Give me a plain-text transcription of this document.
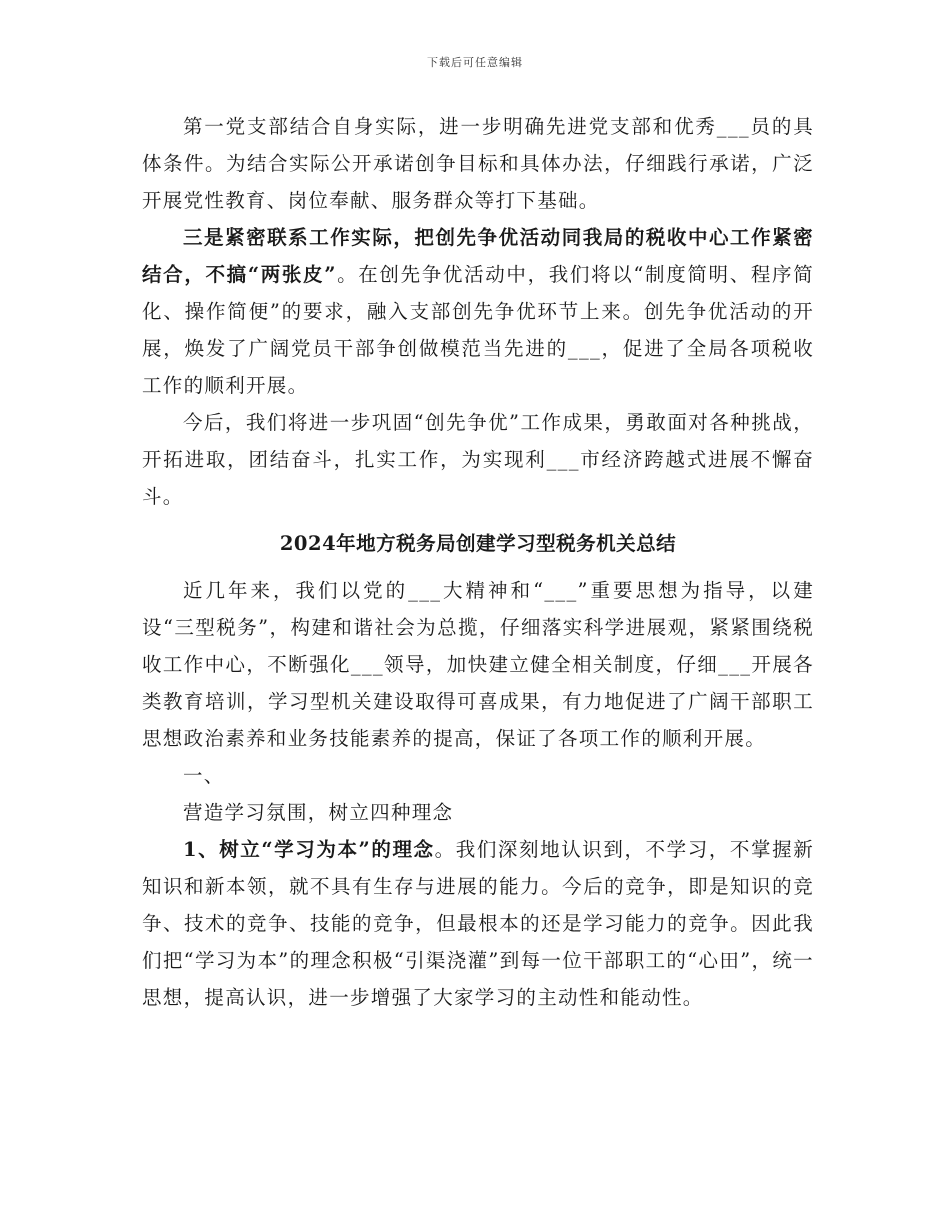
下载后可任意编辑

第一党支部结合自身实际，进一步明确先进党支部和优秀___员的具体条件。为结合实际公开承诺创争目标和具体办法，仔细践行承诺，广泛开展党性教育、岗位奉献、服务群众等打下基础。

三是紧密联系工作实际，把创先争优活动同我局的税收中心工作紧密结合，不搞“两张皮”。在创先争优活动中，我们将以“制度简明、程序简化、操作简便”的要求，融入支部创先争优环节上来。创先争优活动的开展，焕发了广阔党员干部争创做模范当先进的___，促进了全局各项税收工作的顺利开展。

今后，我们将进一步巩固“创先争优”工作成果，勇敢面对各种挑战，开拓进取，团结奋斗，扎实工作，为实现利___市经济跨越式进展不懈奋斗。

2024年地方税务局创建学习型税务机关总结

近几年来，我们以党的___大精神和“___”重要思想为指导，以建设“三型税务”，构建和谐社会为总揽，仔细落实科学进展观，紧紧围绕税收工作中心，不断强化___领导，加快建立健全相关制度，仔细___开展各类教育培训，学习型机关建设取得可喜成果，有力地促进了广阔干部职工思想政治素养和业务技能素养的提高，保证了各项工作的顺利开展。

一、

营造学习氛围，树立四种理念

1、树立“学习为本”的理念。我们深刻地认识到，不学习，不掌握新知识和新本领，就不具有生存与进展的能力。今后的竞争，即是知识的竞争、技术的竞争、技能的竞争，但最根本的还是学习能力的竞争。因此我们把“学习为本”的理念积极“引渠浇灌”到每一位干部职工的“心田”，统一思想，提高认识，进一步增强了大家学习的主动性和能动性。
